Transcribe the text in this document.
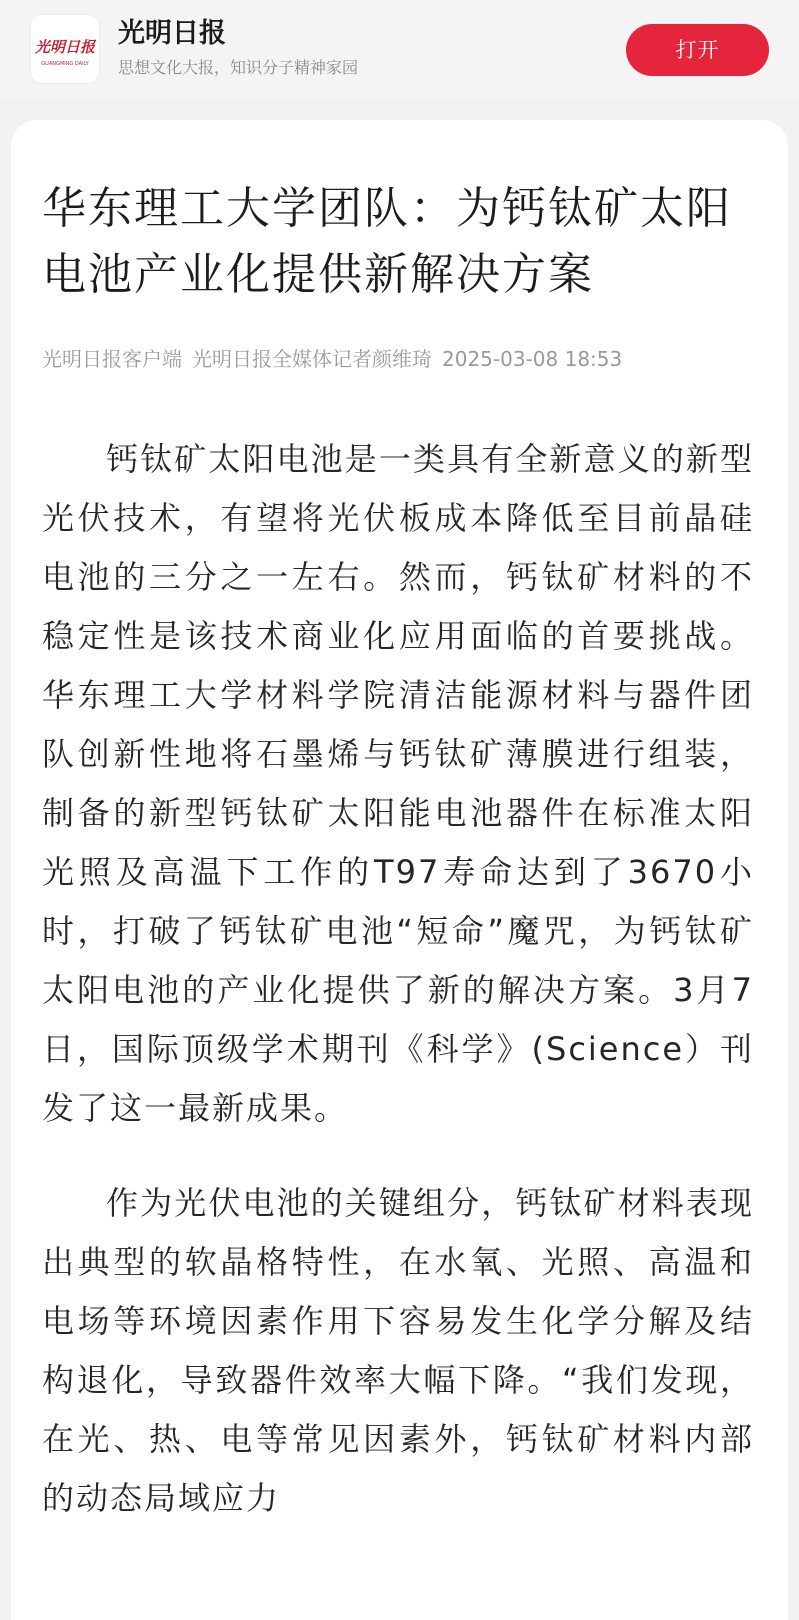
光明日报
GUANGMING DAILY
光明日报
思想文化大报，知识分子精神家园
打开
华东理工大学团队：为钙钛矿太阳电池产业化提供新解决方案
光明日报客户端 光明日报全媒体记者颜维琦 2025-03-08 18:53

钙钛矿太阳电池是一类具有全新意义的新型光伏技术，有望将光伏板成本降低至目前晶硅电池的三分之一左右。然而，钙钛矿材料的不稳定性是该技术商业化应用面临的首要挑战。华东理工大学材料学院清洁能源材料与器件团队创新性地将石墨烯与钙钛矿薄膜进行组装，制备的新型钙钛矿太阳能电池器件在标准太阳光照及高温下工作的T97寿命达到了3670小时，打破了钙钛矿电池“短命”魔咒，为钙钛矿太阳电池的产业化提供了新的解决方案。3月7日，国际顶级学术期刊《科学》(Science）刊发了这一最新成果。

作为光伏电池的关键组分，钙钛矿材料表现出典型的软晶格特性，在水氧、光照、高温和电场等环境因素作用下容易发生化学分解及结构退化，导致器件效率大幅下降。“我们发现，在光、热、电等常见因素外，钙钛矿材料内部的动态局域应力
